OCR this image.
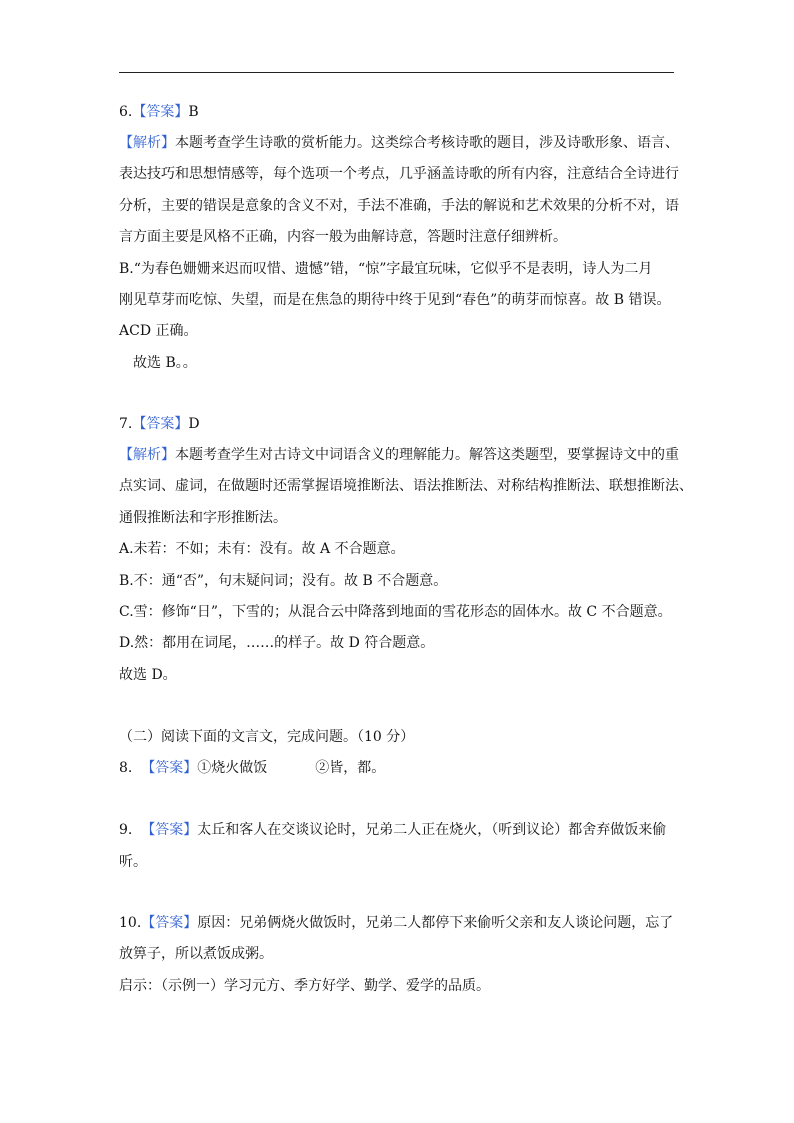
6.【答案】B
【解析】本题考查学生诗歌的赏析能力。这类综合考核诗歌的题目，涉及诗歌形象、语言、
表达技巧和思想情感等，每个选项一个考点，几乎涵盖诗歌的所有内容，注意结合全诗进行
分析，主要的错误是意象的含义不对，手法不准确，手法的解说和艺术效果的分析不对，语
言方面主要是风格不正确，内容一般为曲解诗意，答题时注意仔细辨析。
B.“为春色姗姗来迟而叹惜、遗憾”错，“惊”字最宜玩味，它似乎不是表明，诗人为二月
刚见草芽而吃惊、失望，而是在焦急的期待中终于见到“春色”的萌芽而惊喜。故 B 错误。
ACD 正确。
故选 B。。
7.【答案】D
【解析】本题考查学生对古诗文中词语含义的理解能力。解答这类题型，要掌握诗文中的重
点实词、虚词，在做题时还需掌握语境推断法、语法推断法、对称结构推断法、联想推断法、
通假推断法和字形推断法。
A.未若：不如；未有：没有。故 A 不合题意。
B.不：通“否”，句末疑问词；没有。故 B 不合题意。
C.雪：修饰“日”，下雪的；从混合云中降落到地面的雪花形态的固体水。故 C 不合题意。
D.然：都用在词尾，……的样子。故 D 符合题意。
故选 D。
（二）阅读下面的文言文，完成问题。（10 分）
8. 【答案】①烧火做饭	②皆，都。
9. 【答案】太丘和客人在交谈议论时，兄弟二人正在烧火，（听到议论）都舍弃做饭来偷
听。
10.【答案】原因：兄弟俩烧火做饭时，兄弟二人都停下来偷听父亲和友人谈论问题，忘了
放箅子，所以煮饭成粥。
启示：（示例一）学习元方、季方好学、勤学、爱学的品质。
